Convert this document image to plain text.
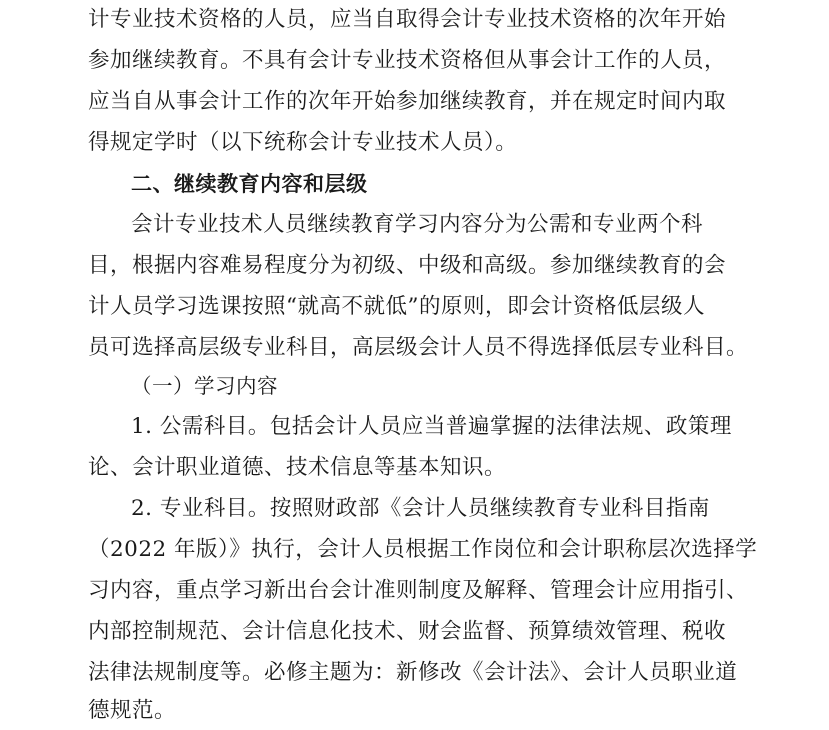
计专业技术资格的人员，应当自取得会计专业技术资格的次年开始
参加继续教育。不具有会计专业技术资格但从事会计工作的人员，
应当自从事会计工作的次年开始参加继续教育，并在规定时间内取
得规定学时（以下统称会计专业技术人员）。
二、继续教育内容和层级
会计专业技术人员继续教育学习内容分为公需和专业两个科
目，根据内容难易程度分为初级、中级和高级。参加继续教育的会
计人员学习选课按照“就高不就低”的原则，即会计资格低层级人
员可选择高层级专业科目，高层级会计人员不得选择低层专业科目。
（一）学习内容
1. 公需科目。包括会计人员应当普遍掌握的法律法规、政策理
论、会计职业道德、技术信息等基本知识。
2. 专业科目。按照财政部《会计人员继续教育专业科目指南
（2022 年版）》执行，会计人员根据工作岗位和会计职称层次选择学
习内容，重点学习新出台会计准则制度及解释、管理会计应用指引、
内部控制规范、会计信息化技术、财会监督、预算绩效管理、税收
法律法规制度等。必修主题为：新修改《会计法》、会计人员职业道
德规范。
